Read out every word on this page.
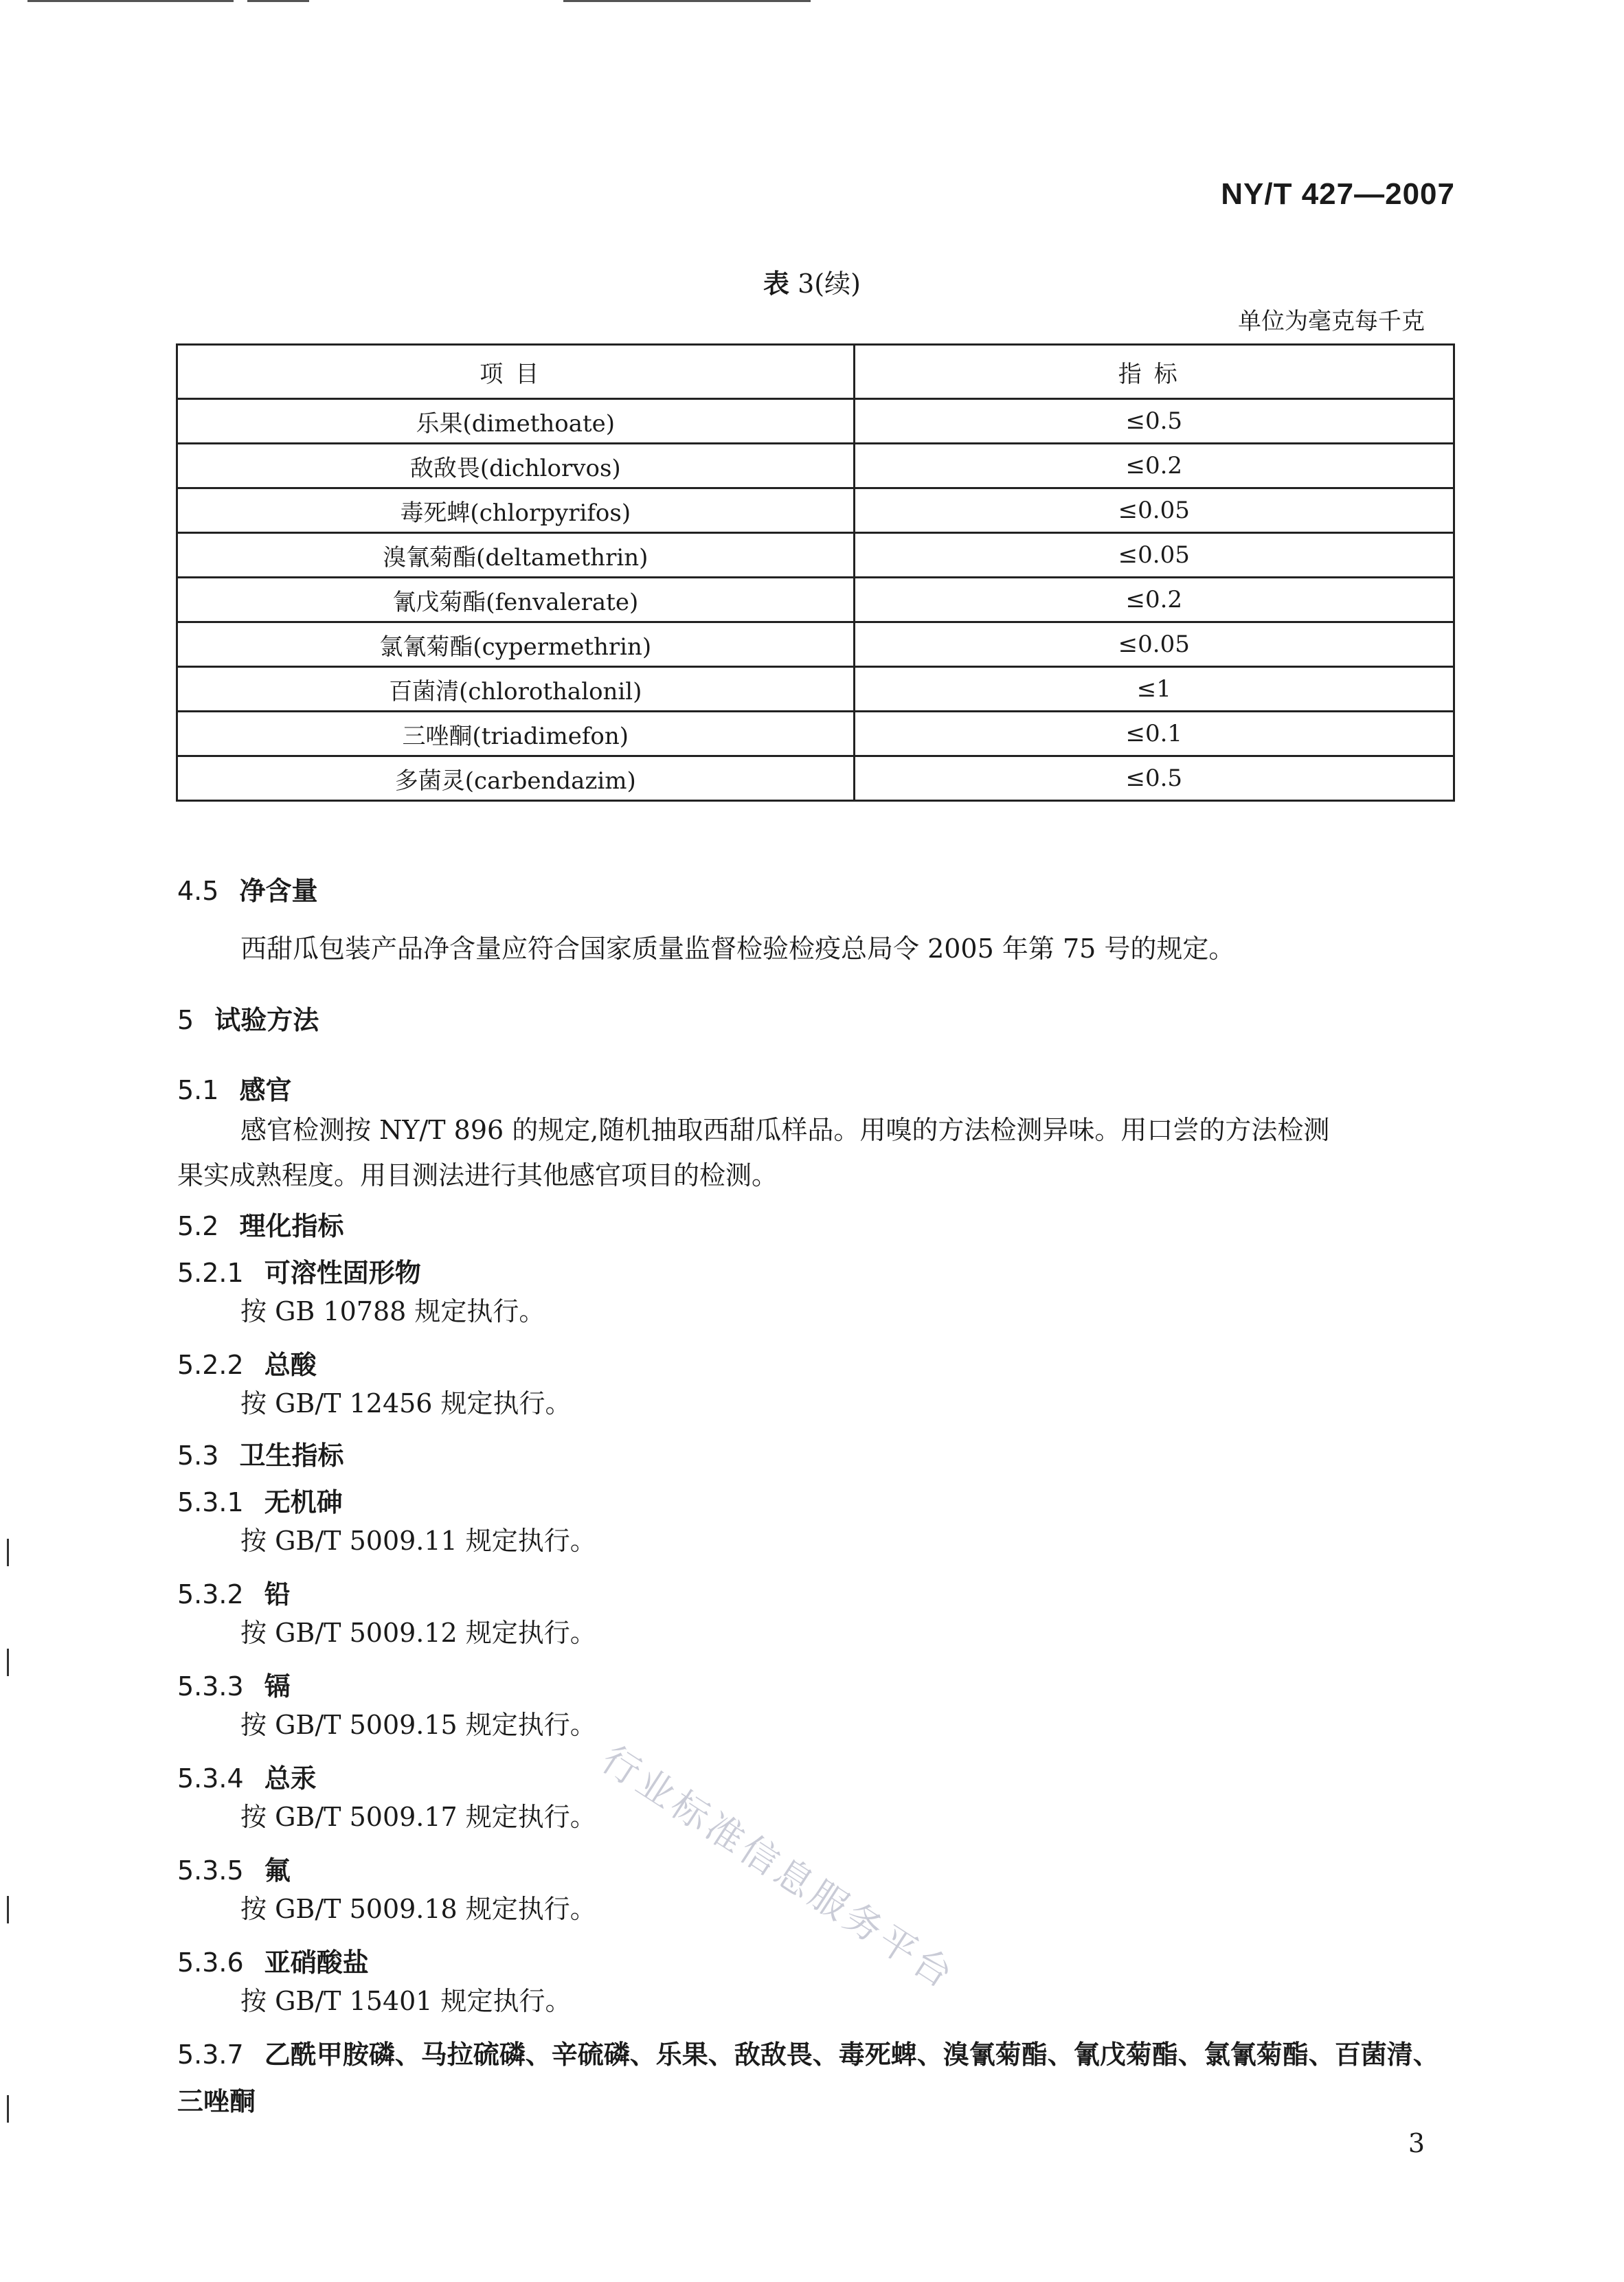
NY/T 427—2007
表 3(续)
单位为毫克每千克
项目	指标
乐果(dimethoate)	≤0.5
敌敌畏(dichlorvos)	≤0.2
毒死蜱(chlorpyrifos)	≤0.05
溴氰菊酯(deltamethrin)	≤0.05
氰戊菊酯(fenvalerate)	≤0.2
氯氰菊酯(cypermethrin)	≤0.05
百菌清(chlorothalonil)	≤1
三唑酮(triadimefon)	≤0.1
多菌灵(carbendazim)	≤0.5
4.5 净含量
西甜瓜包装产品净含量应符合国家质量监督检验检疫总局令 2005 年第 75 号的规定。
5 试验方法
5.1 感官
感官检测按 NY/T 896 的规定,随机抽取西甜瓜样品。用嗅的方法检测异味。用口尝的方法检测
果实成熟程度。用目测法进行其他感官项目的检测。
5.2 理化指标
5.2.1 可溶性固形物
按 GB 10788 规定执行。
5.2.2 总酸
按 GB/T 12456 规定执行。
5.3 卫生指标
5.3.1 无机砷
按 GB/T 5009.11 规定执行。
5.3.2 铅
按 GB/T 5009.12 规定执行。
5.3.3 镉
按 GB/T 5009.15 规定执行。
5.3.4 总汞
按 GB/T 5009.17 规定执行。
5.3.5 氟
按 GB/T 5009.18 规定执行。
5.3.6 亚硝酸盐
按 GB/T 15401 规定执行。
5.3.7 乙酰甲胺磷、马拉硫磷、辛硫磷、乐果、敌敌畏、毒死蜱、溴氰菊酯、氰戊菊酯、氯氰菊酯、百菌清、
三唑酮
行业标准信息服务平台
3
